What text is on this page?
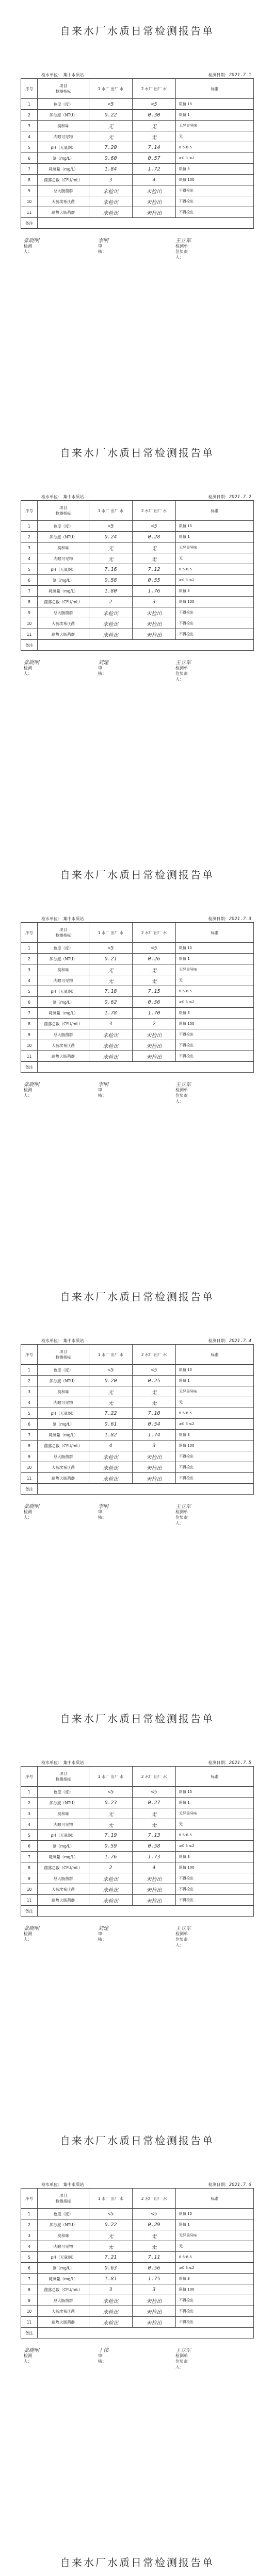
自来水厂水质日常检测报告单
检水单位： 集中水质站	检测日期：2021.7.1
序号	项目
检测指标	1 水厂 出厂 水	2 水厂 出厂 水	标准
1	色度（度）	<5	<5	限值 15
2	浑浊度（NTU）	0.22	0.30	限值 1
3	臭和味	无	无	无异臭异味
4	肉眼可见物	无	无	无
5	pH（无量纲）	7.20	7.14	6.5-8.5
6	氯（mg/L）	0.60	0.57	≥0.3 ≤2
7	耗氧量（mg/L）	1.84	1.72	限值 3
8	菌落总数（CFU/mL）	3	4	限值 100
9	总大肠菌群	未检出	未检出	不得检出
10	大肠埃希氏菌	未检出	未检出	不得检出
11	耐热大肠菌群	未检出	未检出	不得检出
备注				
检测人：
张晓明
审核：
李明
检测单位负责人：
王立军
自来水厂水质日常检测报告单
检水单位： 集中水质站	检测日期：2021.7.2
序号	项目
检测指标	1 水厂 出厂 水	2 水厂 出厂 水	标准
1	色度（度）	<5	<5	限值 15
2	浑浊度（NTU）	0.24	0.28	限值 1
3	臭和味	无	无	无异臭异味
4	肉眼可见物	无	无	无
5	pH（无量纲）	7.16	7.12	6.5-8.5
6	氯（mg/L）	0.58	0.55	≥0.3 ≤2
7	耗氧量（mg/L）	1.80	1.76	限值 3
8	菌落总数（CFU/mL）	2	3	限值 100
9	总大肠菌群	未检出	未检出	不得检出
10	大肠埃希氏菌	未检出	未检出	不得检出
11	耐热大肠菌群	未检出	未检出	不得检出
备注				
检测人：
张晓明
审核：
刘建
检测单位负责人：
王立军
自来水厂水质日常检测报告单
检水单位： 集中水质站	检测日期：2021.7.3
序号	项目
检测指标	1 水厂 出厂 水	2 水厂 出厂 水	标准
1	色度（度）	<5	<5	限值 15
2	浑浊度（NTU）	0.21	0.26	限值 1
3	臭和味	无	无	无异臭异味
4	肉眼可见物	无	无	无
5	pH（无量纲）	7.18	7.15	6.5-8.5
6	氯（mg/L）	0.62	0.56	≥0.3 ≤2
7	耗氧量（mg/L）	1.78	1.70	限值 3
8	菌落总数（CFU/mL）	3	2	限值 100
9	总大肠菌群	未检出	未检出	不得检出
10	大肠埃希氏菌	未检出	未检出	不得检出
11	耐热大肠菌群	未检出	未检出	不得检出
备注				
检测人：
张晓明
审核：
李明
检测单位负责人：
王立军
自来水厂水质日常检测报告单
检水单位： 集中水质站	检测日期：2021.7.4
序号	项目
检测指标	1 水厂 出厂 水	2 水厂 出厂 水	标准
1	色度（度）	<5	<5	限值 15
2	浑浊度（NTU）	0.20	0.25	限值 1
3	臭和味	无	无	无异臭异味
4	肉眼可见物	无	无	无
5	pH（无量纲）	7.22	7.10	6.5-8.5
6	氯（mg/L）	0.61	0.54	≥0.3 ≤2
7	耗氧量（mg/L）	1.82	1.74	限值 3
8	菌落总数（CFU/mL）	4	3	限值 100
9	总大肠菌群	未检出	未检出	不得检出
10	大肠埃希氏菌	未检出	未检出	不得检出
11	耐热大肠菌群	未检出	未检出	不得检出
备注				
检测人：
张晓明
审核：
李明
检测单位负责人：
王立军
自来水厂水质日常检测报告单
检水单位： 集中水质站	检测日期：2021.7.5
序号	项目
检测指标	1 水厂 出厂 水	2 水厂 出厂 水	标准
1	色度（度）	<5	<5	限值 15
2	浑浊度（NTU）	0.23	0.27	限值 1
3	臭和味	无	无	无异臭异味
4	肉眼可见物	无	无	无
5	pH（无量纲）	7.19	7.13	6.5-8.5
6	氯（mg/L）	0.59	0.58	≥0.3 ≤2
7	耗氧量（mg/L）	1.76	1.73	限值 3
8	菌落总数（CFU/mL）	2	4	限值 100
9	总大肠菌群	未检出	未检出	不得检出
10	大肠埃希氏菌	未检出	未检出	不得检出
11	耐热大肠菌群	未检出	未检出	不得检出
备注				
检测人：
张晓明
审核：
刘建
检测单位负责人：
王立军
自来水厂水质日常检测报告单
检水单位： 集中水质站	检测日期：2021.7.6
序号	项目
检测指标	1 水厂 出厂 水	2 水厂 出厂 水	标准
1	色度（度）	<5	<5	限值 15
2	浑浊度（NTU）	0.22	0.29	限值 1
3	臭和味	无	无	无异臭异味
4	肉眼可见物	无	无	无
5	pH（无量纲）	7.21	7.11	6.5-8.5
6	氯（mg/L）	0.63	0.56	≥0.3 ≤2
7	耗氧量（mg/L）	1.81	1.75	限值 3
8	菌落总数（CFU/mL）	3	3	限值 100
9	总大肠菌群	未检出	未检出	不得检出
10	大肠埃希氏菌	未检出	未检出	不得检出
11	耐热大肠菌群	未检出	未检出	不得检出
备注				
检测人：
张晓明
审核：
丁伟
检测单位负责人：
王立军
自来水厂水质日常检测报告单
